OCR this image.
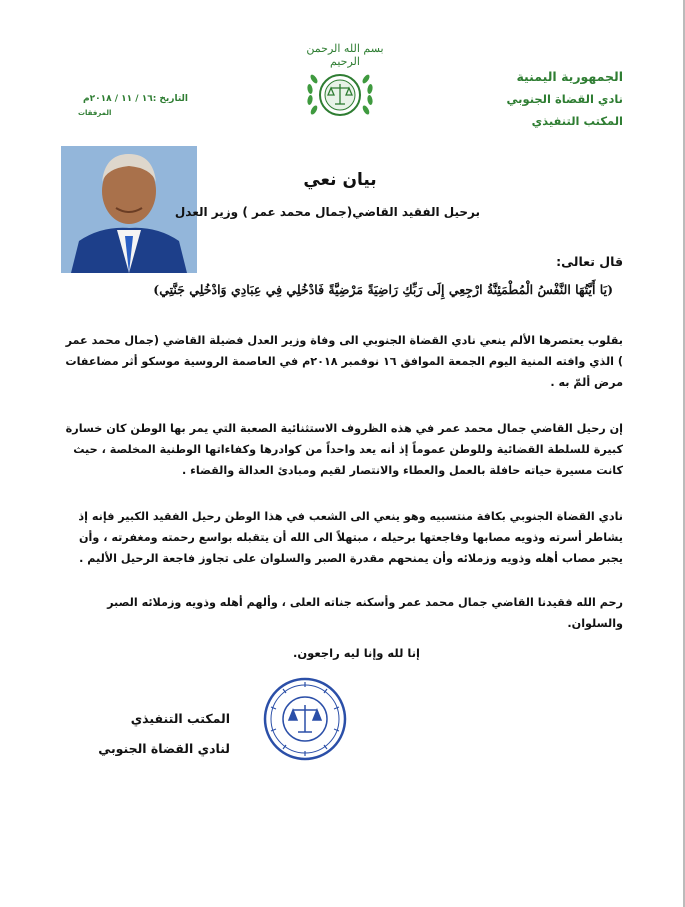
بسم الله الرحمن الرحيم
الجمهورية اليمنية
نادي القضاة الجنوبي
المكتب التنفيذي
التاريخ :١٦ / ١١ / ٢٠١٨م
المرفقات
بيان نعي
برحيل الفقيد القاضي(جمال محمد عمر ) وزير العدل
قال تعالى:
(يَا أَيَّتُهَا النَّفْسُ الْمُطْمَئِنَّةُ ارْجِعِي إِلَى رَبِّكِ رَاضِيَةً مَرْضِيَّةً فَادْخُلِي فِي عِبَادِي وَادْخُلِي جَنَّتِي)
بقلوب يعتصرها الألم ينعي نادي القضاة الجنوبي الى وفاة وزير العدل فضيلة القاضي (جمال محمد عمر ) الذي وافته المنية اليوم الجمعة الموافق ١٦ نوفمبر ٢٠١٨م في العاصمة الروسية موسكو أثر مضاعفات مرض ألمّ به .
إن رحيل القاضي جمال محمد عمر في هذه الظروف الاستثنائية الصعبة التي يمر بها الوطن كان خسارة كبيرة للسلطة القضائية وللوطن عموماً إذ أنه يعد واحداً من كوادرها وكفاءاتها الوطنية المخلصة ، حيث كانت مسيرة حياته حافلة بالعمل والعطاء والانتصار لقيم ومبادئ العدالة والقضاء .
نادي القضاة الجنوبي بكافة منتسبيه وهو ينعي الى الشعب في هذا الوطن رحيل الفقيد الكبير فإنه إذ يشاطر أسرته وذويه مصابها وفاجعتها برحيله ، مبتهلاً الى الله أن يتقبله بواسع رحمته ومغفرته ، وأن يجبر مصاب أهله وذويه وزملائه وأن يمنحهم مقدرة الصبر والسلوان على تجاوز فاجعة الرحيل الأليم .
رحم الله فقيدنا القاضي جمال محمد عمر وأسكنه جناته العلى ، وألهم أهله وذويه وزملائه الصبر والسلوان.
إنا لله وإنا ليه راجعون.
المكتب التنفيذي
لنادي القضاة الجنوبي
